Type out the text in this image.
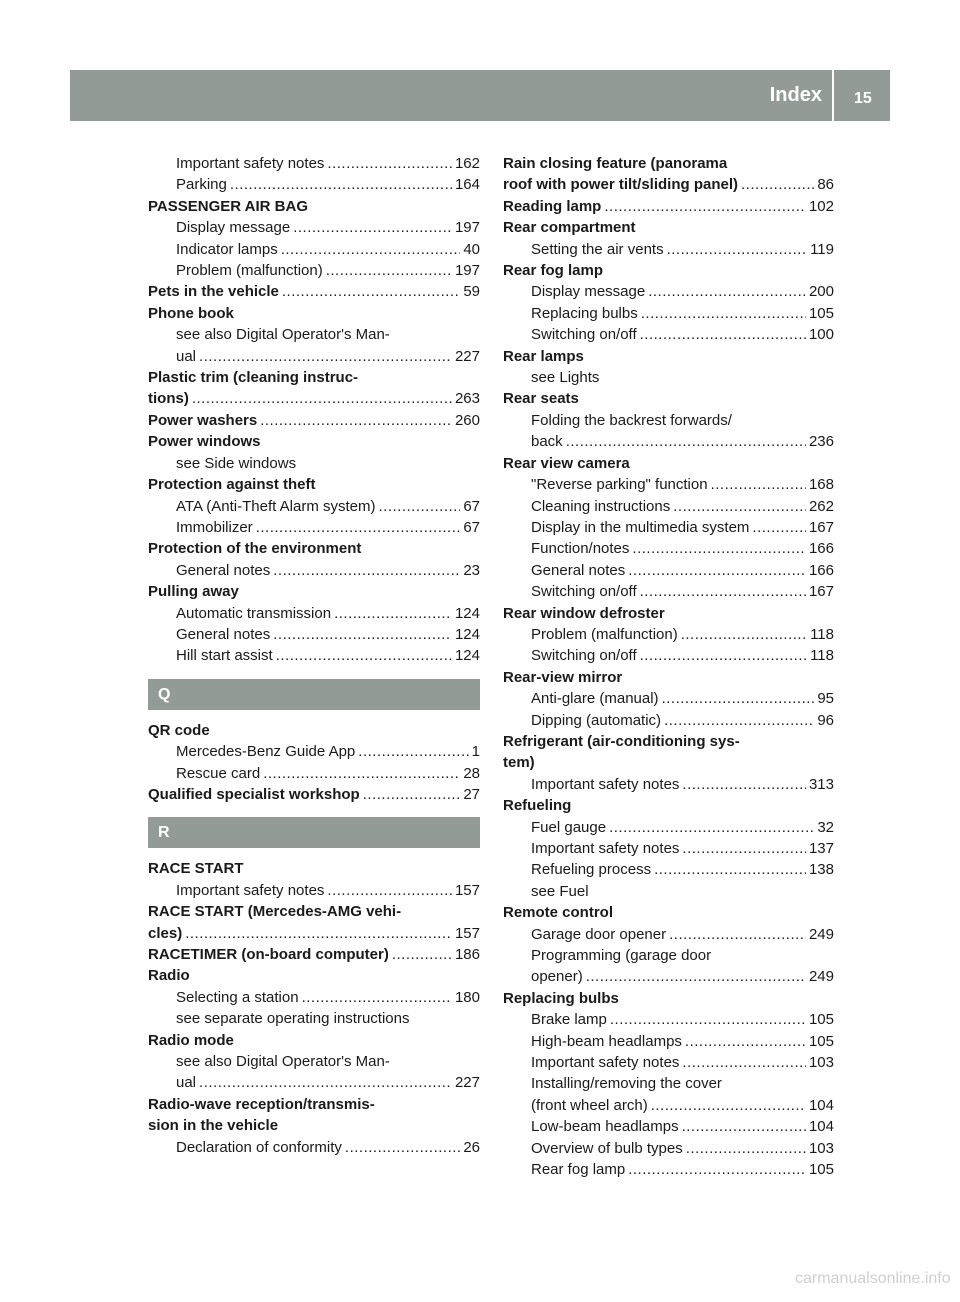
Index 15
Important safety notes .....	162
Parking .....	164
PASSENGER AIR BAG
Display message .....	197
Indicator lamps .....	40
Problem (malfunction) .....	197
Pets in the vehicle .....	59
Phone book
see also Digital Operator's Man-
ual .....	227
Plastic trim (cleaning instruc-
tions) .....	263
Power washers .....	260
Power windows
see Side windows
Protection against theft
ATA (Anti-Theft Alarm system) .....	67
Immobilizer .....	67
Protection of the environment
General notes .....	23
Pulling away
Automatic transmission .....	124
General notes .....	124
Hill start assist .....	124
Q
QR code
Mercedes-Benz Guide App .....	1
Rescue card .....	28
Qualified specialist workshop .....	27
R
RACE START
Important safety notes .....	157
RACE START (Mercedes-AMG vehi-
cles) .....	157
RACETIMER (on-board computer) .....	186
Radio
Selecting a station .....	180
see separate operating instructions
Radio mode
see also Digital Operator's Man-
ual .....	227
Radio-wave reception/transmis-
sion in the vehicle
Declaration of conformity .....	26
Rain closing feature (panorama
roof with power tilt/sliding panel) .....	86
Reading lamp .....	102
Rear compartment
Setting the air vents .....	119
Rear fog lamp
Display message .....	200
Replacing bulbs .....	105
Switching on/off .....	100
Rear lamps
see Lights
Rear seats
Folding the backrest forwards/
back .....	236
Rear view camera
"Reverse parking" function .....	168
Cleaning instructions .....	262
Display in the multimedia system .....	167
Function/notes .....	166
General notes .....	166
Switching on/off .....	167
Rear window defroster
Problem (malfunction) .....	118
Switching on/off .....	118
Rear-view mirror
Anti-glare (manual) .....	95
Dipping (automatic) .....	96
Refrigerant (air-conditioning sys-
tem)
Important safety notes .....	313
Refueling
Fuel gauge .....	32
Important safety notes .....	137
Refueling process .....	138
see Fuel
Remote control
Garage door opener .....	249
Programming (garage door
opener) .....	249
Replacing bulbs
Brake lamp .....	105
High-beam headlamps .....	105
Important safety notes .....	103
Installing/removing the cover
(front wheel arch) .....	104
Low-beam headlamps .....	104
Overview of bulb types .....	103
Rear fog lamp .....	105
carmanualsonline.info
